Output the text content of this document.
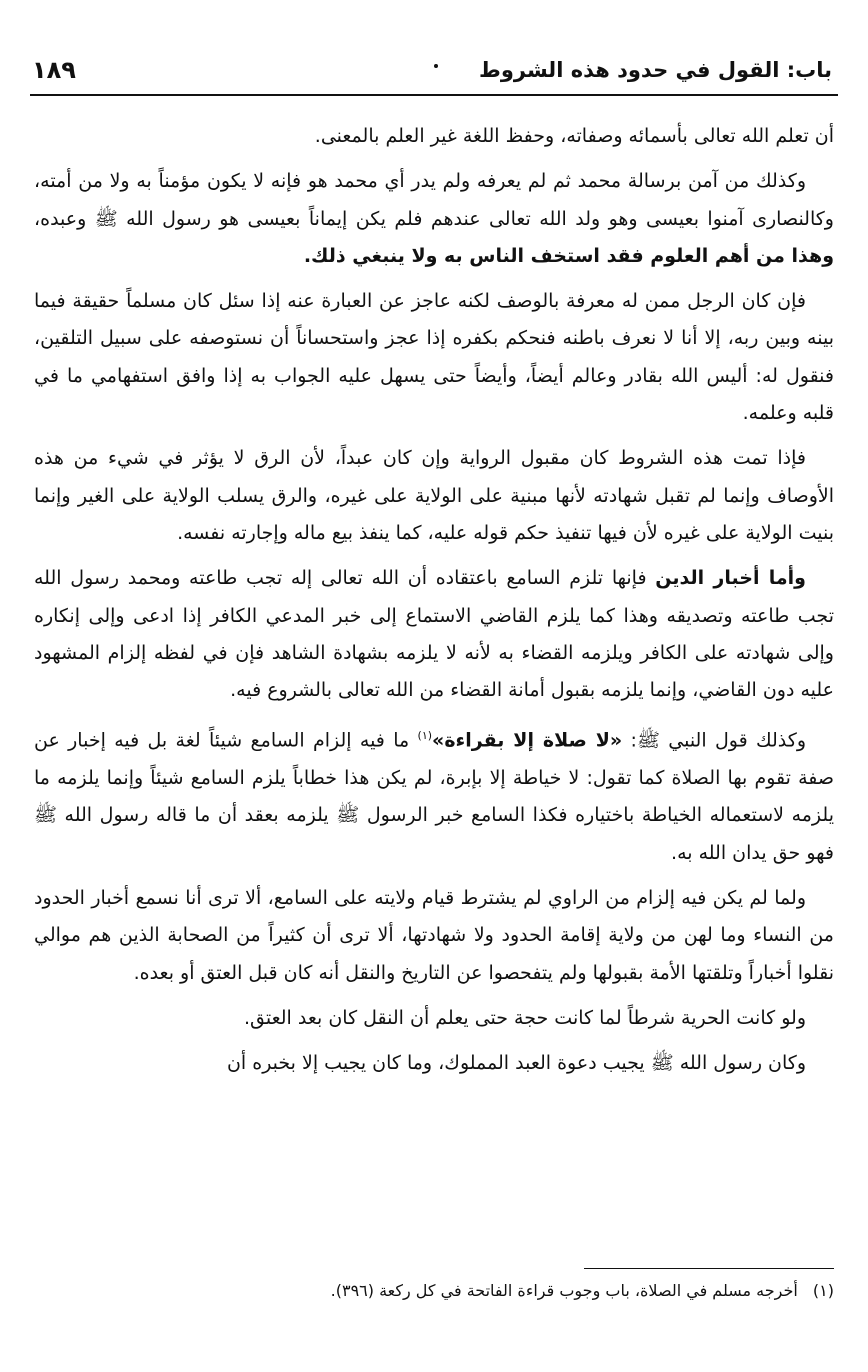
باب: القول في حدود هذه الشروط
١٨٩

أن تعلم الله تعالى بأسمائه وصفاته، وحفظ اللغة غير العلم بالمعنى.

وكذلك من آمن برسالة محمد ثم لم يعرفه ولم يدر أي محمد هو فإنه لا يكون مؤمناً به ولا من أمته، وكالنصارى آمنوا بعيسى وهو ولد الله تعالى عندهم فلم يكن إيماناً بعيسى هو رسول الله ﷺ وعبده، وهذا من أهم العلوم فقد استخف الناس به ولا ينبغي ذلك.

فإن كان الرجل ممن له معرفة بالوصف لكنه عاجز عن العبارة عنه إذا سئل كان مسلماً حقيقة فيما بينه وبين ربه، إلا أنا لا نعرف باطنه فنحكم بكفره إذا عجز واستحساناً أن نستوصفه على سبيل التلقين، فنقول له: أليس الله بقادر وعالم أيضاً، وأيضاً حتى يسهل عليه الجواب به إذا وافق استفهامي ما في قلبه وعلمه.

فإذا تمت هذه الشروط كان مقبول الرواية وإن كان عبداً، لأن الرق لا يؤثر في شيء من هذه الأوصاف وإنما لم تقبل شهادته لأنها مبنية على الولاية على غيره، والرق يسلب الولاية على الغير وإنما بنيت الولاية على غيره لأن فيها تنفيذ حكم قوله عليه، كما ينفذ بيع ماله وإجارته نفسه.

وأما أخبار الدين فإنها تلزم السامع باعتقاده أن الله تعالى إله تجب طاعته ومحمد رسول الله تجب طاعته وتصديقه وهذا كما يلزم القاضي الاستماع إلى خبر المدعي الكافر إذا ادعى وإلى إنكاره وإلى شهادته على الكافر ويلزمه القضاء به لأنه لا يلزمه بشهادة الشاهد فإن في لفظه إلزام المشهود عليه دون القاضي، وإنما يلزمه بقبول أمانة القضاء من الله تعالى بالشروع فيه.

وكذلك قول النبي ﷺ: «لا صلاة إلا بقراءة»$^{(١)}$ ما فيه إلزام السامع شيئاً لغة بل فيه إخبار عن صفة تقوم بها الصلاة كما تقول: لا خياطة إلا بإبرة، لم يكن هذا خطاباً يلزم السامع شيئاً وإنما يلزمه ما يلزمه لاستعماله الخياطة باختياره فكذا السامع خبر الرسول ﷺ يلزمه بعقد أن ما قاله رسول الله ﷺ فهو حق يدان الله به.

ولما لم يكن فيه إلزام من الراوي لم يشترط قيام ولايته على السامع، ألا ترى أنا نسمع أخبار الحدود من النساء وما لهن من ولاية إقامة الحدود ولا شهادتها، ألا ترى أن كثيراً من الصحابة الذين هم موالي نقلوا أخباراً وتلقتها الأمة بقبولها ولم يتفحصوا عن التاريخ والنقل أنه كان قبل العتق أو بعده.

ولو كانت الحرية شرطاً لما كانت حجة حتى يعلم أن النقل كان بعد العتق.

وكان رسول الله ﷺ يجيب دعوة العبد المملوك، وما كان يجيب إلا بخبره أن

(١) أخرجه مسلم في الصلاة، باب وجوب قراءة الفاتحة في كل ركعة (٣٩٦).
